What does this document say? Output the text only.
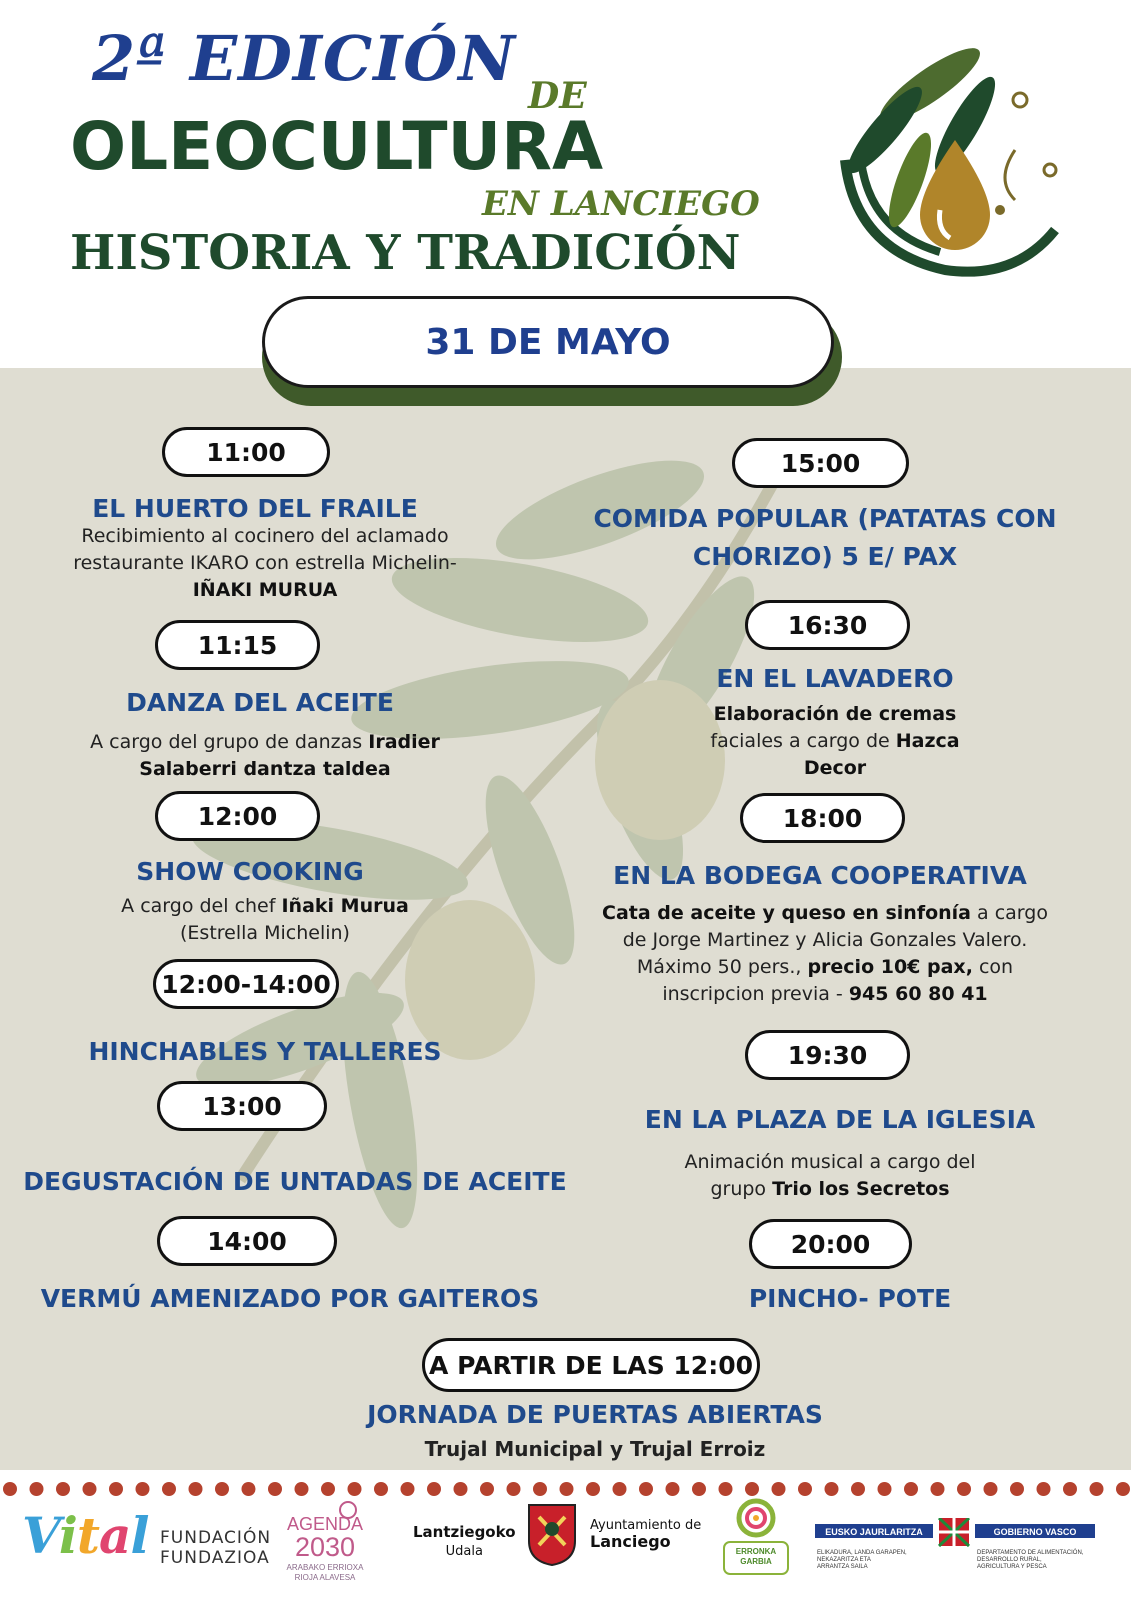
2ª EDICIÓN
DE
OLEOCULTURA
EN LANCIEGO
HISTORIA Y TRADICIÓN
31 DE MAYO
11:00
EL HUERTO DEL FRAILE
Recibimiento al cocinero del aclamado
restaurante IKARO con estrella Michelin-
IÑAKI MURUA
11:15
DANZA DEL ACEITE
A cargo del grupo de danzas Iradier
Salaberri dantza taldea
12:00
SHOW COOKING
A cargo del chef Iñaki Murua
(Estrella Michelin)
12:00-14:00
HINCHABLES Y TALLERES
13:00
DEGUSTACIÓN DE UNTADAS DE ACEITE
14:00
VERMÚ AMENIZADO POR GAITEROS
15:00
COMIDA POPULAR (PATATAS CON
CHORIZO) 5 E/ PAX
16:30
EN EL LAVADERO
Elaboración de cremas
faciales a cargo de Hazca
Decor
18:00
EN LA BODEGA COOPERATIVA
Cata de aceite y queso en sinfonía a cargo
de Jorge Martinez y Alicia Gonzales Valero.
Máximo 50 pers., precio 10€ pax, con
inscripcion previa - 945 60 80 41
19:30
EN LA PLAZA DE LA IGLESIA
Animación musical a cargo del
grupo Trio los Secretos
20:00
PINCHO- POTE
A PARTIR DE LAS 12:00
JORNADA DE PUERTAS ABIERTAS
Trujal Municipal y Trujal Erroiz
Vital FUNDACIÓN
FUNDAZIOA
AGENDA
2030
ARABAKO ERRIOXA
RIOJA ALAVESA
Lantziegoko
Udala
Ayuntamiento de
Lanciego
ERRONKA
GARBIA
EUSKO JAURLARITZA	GOBIERNO VASCO
ELIKADURA, LANDA GARAPEN,
NEKAZARITZA ETA
ARRANTZA SAILA
DEPARTAMENTO DE ALIMENTACIÓN,
DESARROLLO RURAL,
AGRICULTURA Y PESCA
